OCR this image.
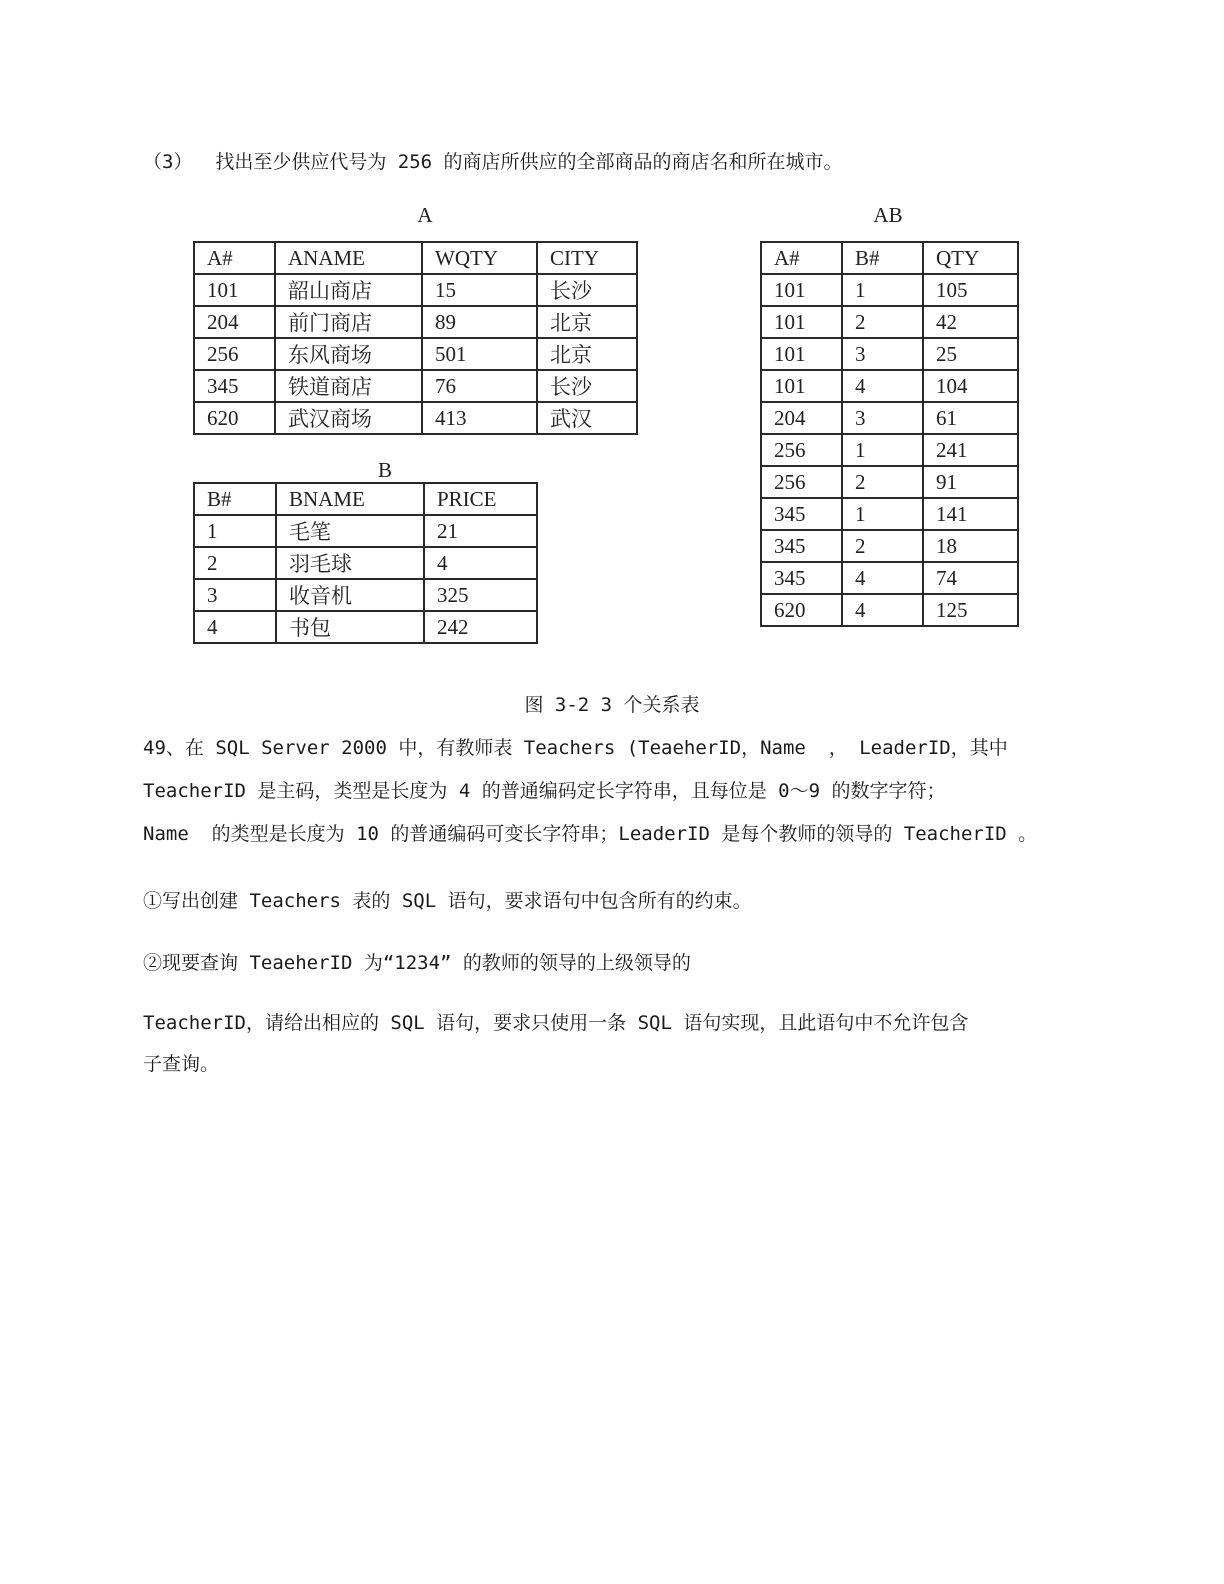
（3）  找出至少供应代号为 256 的商店所供应的全部商品的商店名和所在城市。
A
A#	ANAME	WQTY	CITY
101	韶山商店	15	长沙
204	前门商店	89	北京
256	东风商场	501	北京
345	铁道商店	76	长沙
620	武汉商场	413	武汉
B
B#	BNAME	PRICE
1	毛笔	21
2	羽毛球	4
3	收音机	325
4	书包	242
AB
A#	B#	QTY
101	1	105
101	2	42
101	3	25
101	4	104
204	3	61
256	1	241
256	2	91
345	1	141
345	2	18
345	4	74
620	4	125
图 3-2 3 个关系表
49、在 SQL Server 2000 中，有教师表 Teachers (TeaeherID，Name  ， LeaderID，其中
TeacherID 是主码，类型是长度为 4 的普通编码定长字符串，且每位是 0～9 的数字字符；
Name  的类型是长度为 10 的普通编码可变长字符串；LeaderID 是每个教师的领导的 TeacherID 。
①写出创建 Teachers 表的 SQL 语句，要求语句中包含所有的约束。
②现要查询 TeaeherID 为“1234” 的教师的领导的上级领导的
TeacherID，请给出相应的 SQL 语句，要求只使用一条 SQL 语句实现，且此语句中不允许包含
子查询。
